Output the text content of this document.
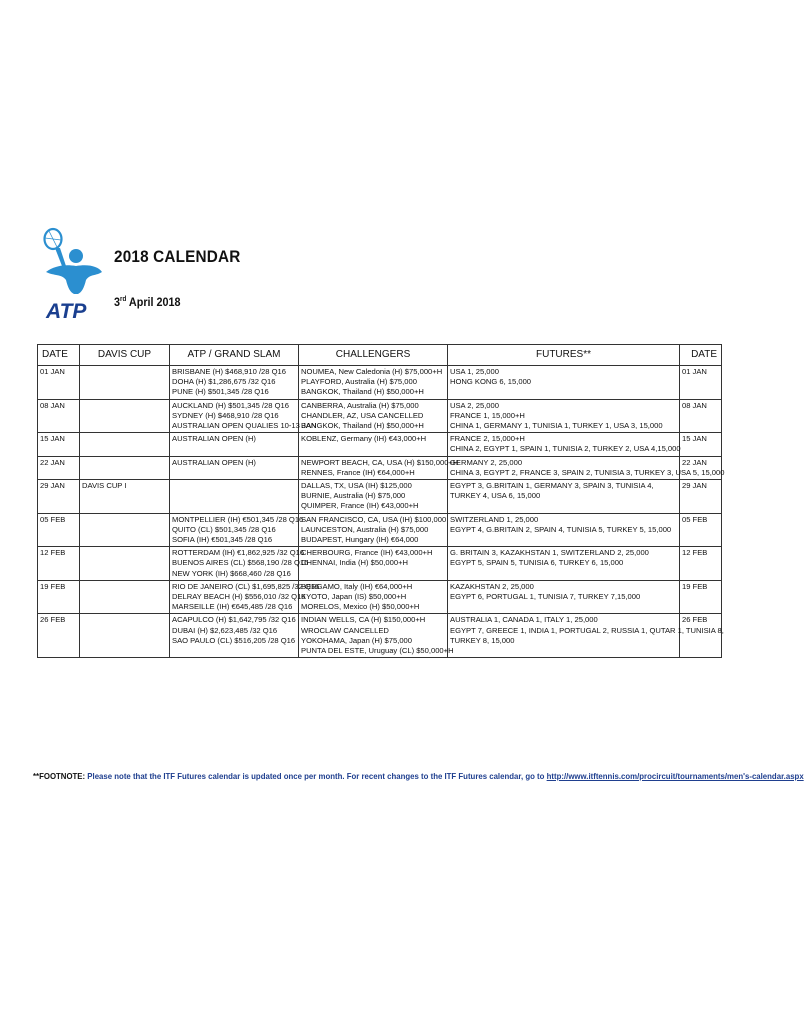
ATP
2018 CALENDAR
3rd April 2018
DATE	DAVIS CUP	ATP / GRAND SLAM	CHALLENGERS	FUTURES**	DATE
01 JAN		BRISBANE (H) $468,910 /28 Q16
DOHA (H) $1,286,675 /32 Q16
PUNE (H) $501,345 /28 Q16	NOUMEA, New Caledonia (H) $75,000+H
PLAYFORD, Australia (H) $75,000
BANGKOK, Thailand (H) $50,000+H	USA 1, 25,000
HONG KONG 6, 15,000	01 JAN
08 JAN		AUCKLAND (H) $501,345 /28 Q16
SYDNEY (H) $468,910 /28 Q16
AUSTRALIAN OPEN QUALIES 10-13 JAN	CANBERRA, Australia (H) $75,000
CHANDLER, AZ, USA CANCELLED
BANGKOK, Thailand (H) $50,000+H	USA 2, 25,000
FRANCE 1, 15,000+H
CHINA 1, GERMANY 1, TUNISIA 1, TURKEY 1, USA 3, 15,000	08 JAN
15 JAN		AUSTRALIAN OPEN (H)	KOBLENZ, Germany (IH) €43,000+H	FRANCE 2, 15,000+H
CHINA 2, EGYPT 1, SPAIN 1, TUNISIA 2, TURKEY 2, USA 4,15,000	15 JAN
22 JAN		AUSTRALIAN OPEN (H)	NEWPORT BEACH, CA, USA (H) $150,000+H
RENNES, France (IH) €64,000+H	GERMANY 2, 25,000
CHINA 3, EGYPT 2, FRANCE 3, SPAIN 2, TUNISIA 3, TURKEY 3, USA 5, 15,000	22 JAN
29 JAN	DAVIS CUP I		DALLAS, TX, USA (IH) $125,000
BURNIE, Australia (H) $75,000
QUIMPER, France (IH) €43,000+H	EGYPT 3, G.BRITAIN 1, GERMANY 3, SPAIN 3, TUNISIA 4,
TURKEY 4, USA 6, 15,000	29 JAN
05 FEB		MONTPELLIER (IH) €501,345 /28 Q16
QUITO (CL) $501,345 /28 Q16
SOFIA (IH) €501,345 /28 Q16	SAN FRANCISCO, CA, USA (IH) $100,000
LAUNCESTON, Australia (H) $75,000
BUDAPEST, Hungary (IH) €64,000	SWITZERLAND 1, 25,000
EGYPT 4, G.BRITAIN 2, SPAIN 4, TUNISIA 5, TURKEY 5, 15,000	05 FEB
12 FEB		ROTTERDAM (IH) €1,862,925 /32 Q16
BUENOS AIRES (CL) $568,190 /28 Q16
NEW YORK (IH) $668,460 /28 Q16	CHERBOURG, France (IH) €43,000+H
CHENNAI, India (H) $50,000+H	G. BRITAIN 3, KAZAKHSTAN 1, SWITZERLAND 2, 25,000
EGYPT 5, SPAIN 5, TUNISIA 6, TURKEY 6, 15,000	12 FEB
19 FEB		RIO DE JANEIRO (CL) $1,695,825 /32 Q16
DELRAY BEACH (H) $556,010 /32 Q16
MARSEILLE (IH) €645,485 /28 Q16	BERGAMO, Italy (IH) €64,000+H
KYOTO, Japan (IS) $50,000+H
MORELOS, Mexico (H) $50,000+H	KAZAKHSTAN 2, 25,000
EGYPT 6, PORTUGAL 1, TUNISIA 7, TURKEY 7,15,000	19 FEB
26 FEB		ACAPULCO (H) $1,642,795 /32 Q16
DUBAI (H) $2,623,485 /32 Q16
SAO PAULO (CL) $516,205 /28 Q16	INDIAN WELLS, CA (H) $150,000+H
WROCLAW CANCELLED
YOKOHAMA, Japan (H) $75,000
PUNTA DEL ESTE, Uruguay (CL) $50,000+H	AUSTRALIA 1, CANADA 1, ITALY 1, 25,000
EGYPT 7, GREECE 1, INDIA 1, PORTUGAL 2, RUSSIA 1, QUTAR 1, TUNISIA 8,
TURKEY 8, 15,000	26 FEB
**FOOTNOTE: Please note that the ITF Futures calendar is updated once per month. For recent changes to the ITF Futures calendar, go to http://www.itftennis.com/procircuit/tournaments/men's-calendar.aspx
